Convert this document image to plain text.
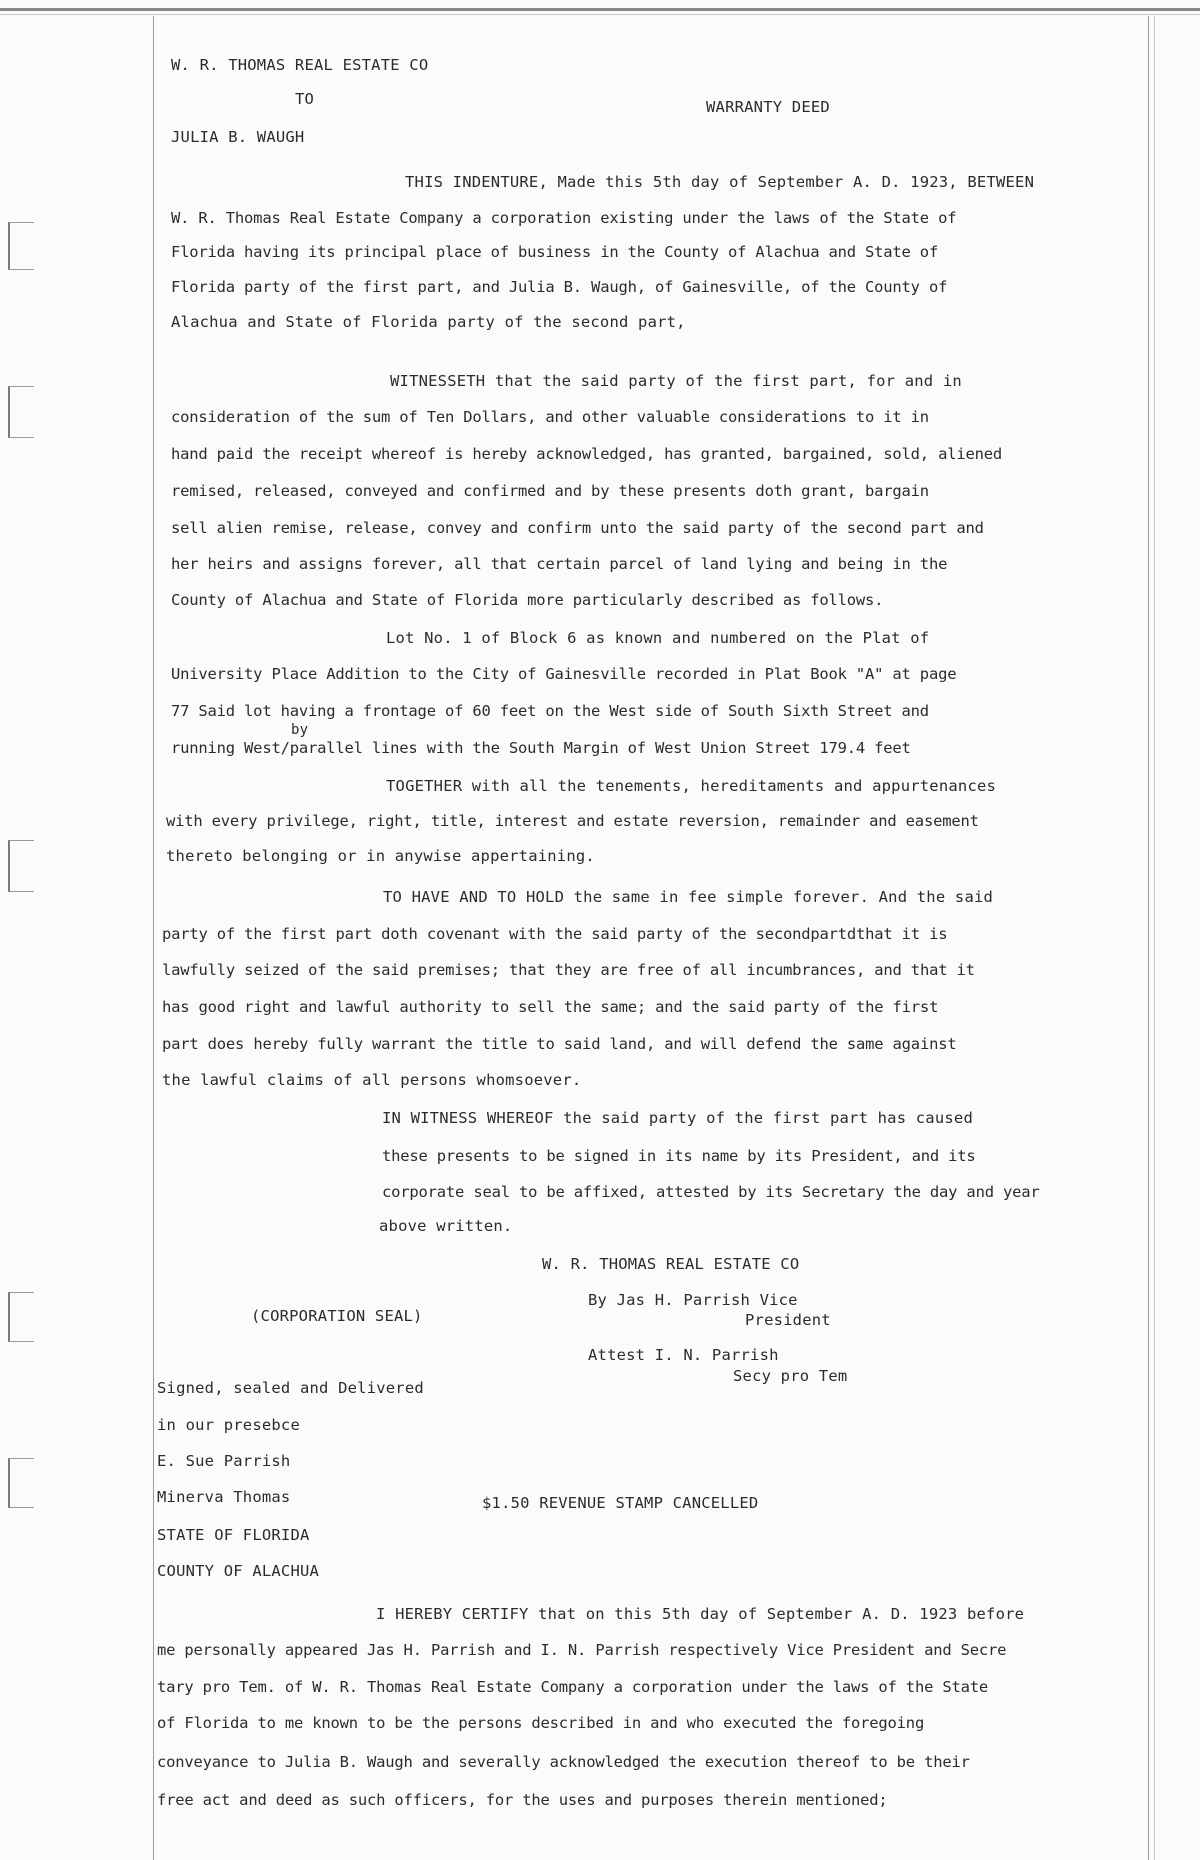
W. R. THOMAS REAL ESTATE CO

TO	WARRANTY DEED

JULIA B. WAUGH

THIS INDENTURE, Made this 5th day of September A. D. 1923, BETWEEN

W. R. Thomas Real Estate Company a corporation existing under the laws of the State of

Florida having its principal place of business in the County of Alachua and State of

Florida party of the first part, and Julia B. Waugh, of Gainesville, of the County of

Alachua and State of Florida party of the second part,

WITNESSETH that the said party of the first part, for and in

consideration of the sum of Ten Dollars, and other valuable considerations to it in

hand paid the receipt whereof is hereby acknowledged, has granted, bargained, sold, aliened

remised, released, conveyed and confirmed and by these presents doth grant, bargain

sell alien remise, release, convey and confirm unto the said party of the second part and

her heirs and assigns forever, all that certain parcel of land lying and being in the

County of Alachua and State of Florida more particularly described as follows.

Lot No. 1 of Block 6 as known and numbered on the Plat of

University Place Addition to the City of Gainesville recorded in Plat Book "A" at page

77 Said lot having a frontage of 60 feet on the West side of South Sixth Street and

by

running West/parallel lines with the South Margin of West Union Street 179.4 feet

TOGETHER with all the tenements, hereditaments and appurtenances

with every privilege, right, title, interest and estate reversion, remainder and easement

thereto belonging or in anywise appertaining.

TO HAVE AND TO HOLD the same in fee simple forever. And the said

party of the first part doth covenant with the said party of the secondpartdthat it is

lawfully seized of the said premises; that they are free of all incumbrances, and that it

has good right and lawful authority to sell the same; and the said party of the first

part does hereby fully warrant the title to said land, and will defend the same against

the lawful claims of all persons whomsoever.

IN WITNESS WHEREOF the said party of the first part has caused

these presents to be signed in its name by its President, and its

corporate seal to be affixed, attested by its Secretary the day and year

above written.

W. R. THOMAS REAL ESTATE CO

By Jas H. Parrish Vice

President

(CORPORATION SEAL)

Attest I. N. Parrish

Secy pro Tem

Signed, sealed and Delivered

in our presebce

E. Sue Parrish

Minerva Thomas	$1.50 REVENUE STAMP CANCELLED

STATE OF FLORIDA

COUNTY OF ALACHUA

I HEREBY CERTIFY that on this 5th day of September A. D. 1923 before

me personally appeared Jas H. Parrish and I. N. Parrish respectively Vice President and Secre

tary pro Tem. of W. R. Thomas Real Estate Company a corporation under the laws of the State

of Florida to me known to be the persons described in and who executed the foregoing

conveyance to Julia B. Waugh and severally acknowledged the execution thereof to be their

free act and deed as such officers, for the uses and purposes therein mentioned;
